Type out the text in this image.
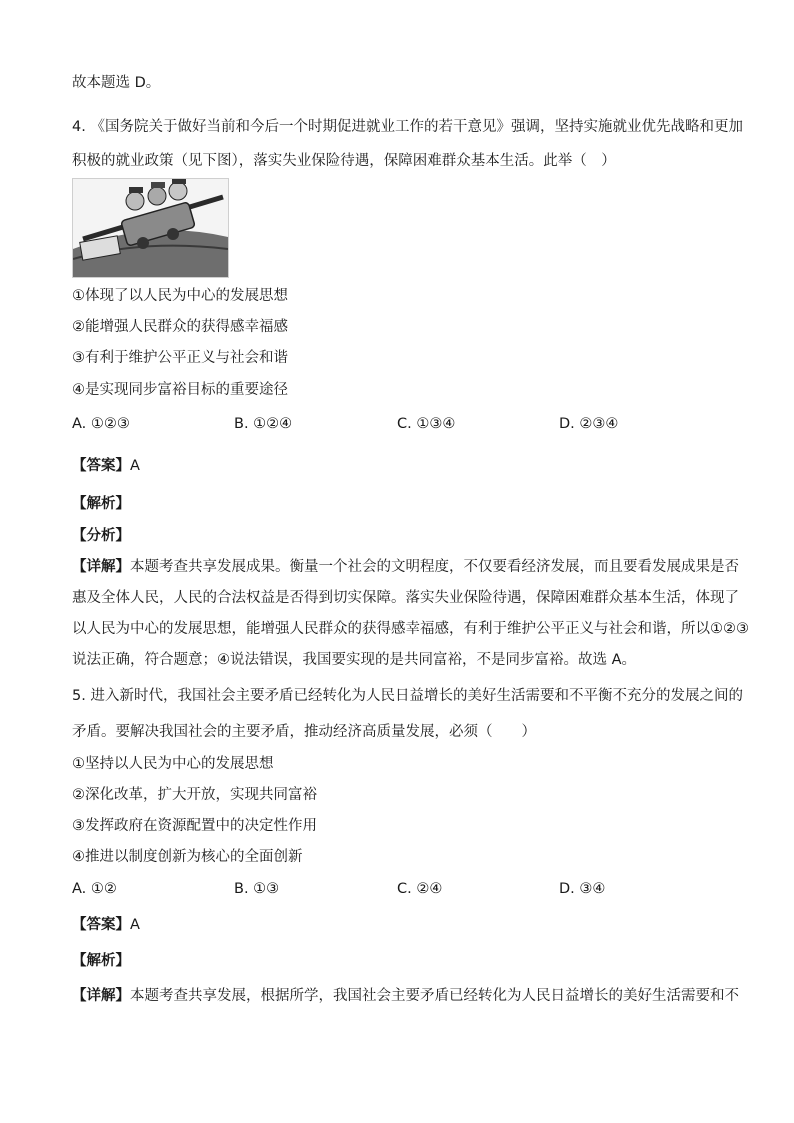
故本题选 D。
4. 《国务院关于做好当前和今后一个时期促进就业工作的若干意见》强调，坚持实施就业优先战略和更加
积极的就业政策（见下图），落实失业保险待遇，保障困难群众基本生活。此举（　）
①体现了以人民为中心的发展思想
②能增强人民群众的获得感幸福感
③有利于维护公平正义与社会和谐
④是实现同步富裕目标的重要途径
A. ①②③	B. ①②④	C. ①③④	D. ②③④
【答案】A
【解析】
【分析】
【详解】本题考查共享发展成果。衡量一个社会的文明程度，不仅要看经济发展，而且要看发展成果是否
惠及全体人民，人民的合法权益是否得到切实保障。落实失业保险待遇，保障困难群众基本生活，体现了
以人民为中心的发展思想，能增强人民群众的获得感幸福感，有利于维护公平正义与社会和谐，所以①②③
说法正确，符合题意；④说法错误，我国要实现的是共同富裕，不是同步富裕。故选 A。
5. 进入新时代，我国社会主要矛盾已经转化为人民日益增长的美好生活需要和不平衡不充分的发展之间的
矛盾。要解决我国社会的主要矛盾，推动经济高质量发展，必须（　　）
①坚持以人民为中心的发展思想
②深化改革，扩大开放，实现共同富裕
③发挥政府在资源配置中的决定性作用
④推进以制度创新为核心的全面创新
A. ①②	B. ①③	C. ②④	D. ③④
【答案】A
【解析】
【详解】本题考查共享发展，根据所学，我国社会主要矛盾已经转化为人民日益增长的美好生活需要和不
